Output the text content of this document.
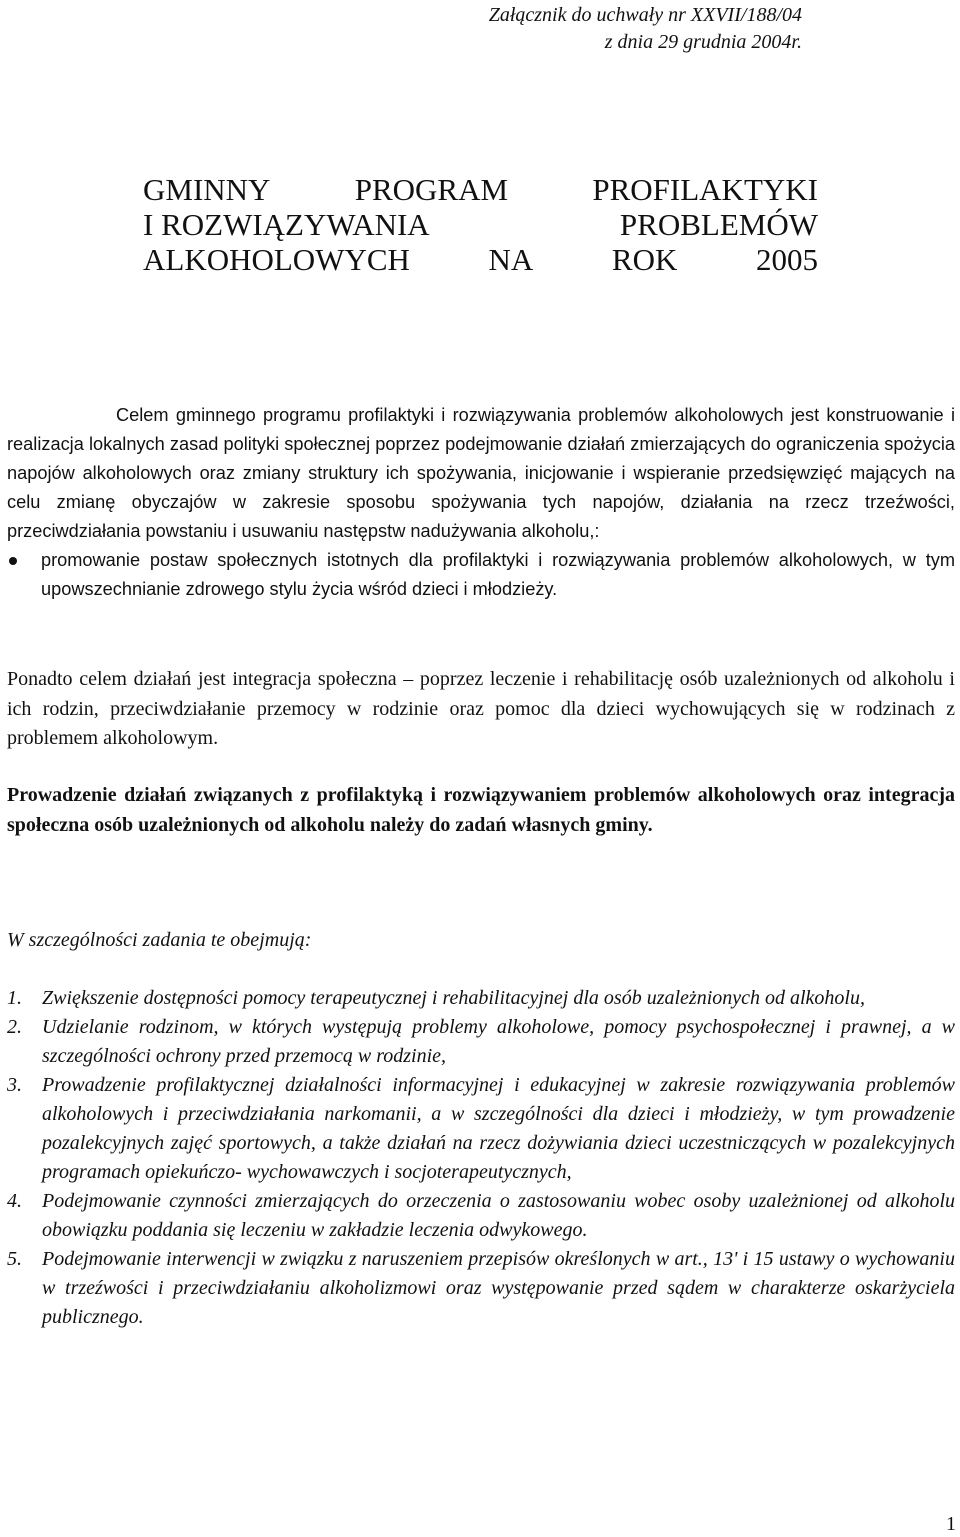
Załącznik do uchwały nr XXVII/188/04
z dnia 29 grudnia 2004r.
GMINNY	PROGRAM	PROFILAKTYKI
I ROZWIĄZYWANIA	PROBLEMÓW
ALKOHOLOWYCH	NA	ROK	2005

Celem gminnego programu profilaktyki i rozwiązywania problemów alkoholowych jest konstruowanie i realizacja lokalnych zasad polityki społecznej poprzez podejmowanie działań zmierzających do ograniczenia spożycia napojów alkoholowych oraz zmiany struktury ich spożywania, inicjowanie i wspieranie przedsięwzięć mających na celu zmianę obyczajów w zakresie sposobu spożywania tych napojów, działania na rzecz trzeźwości, przeciwdziałania powstaniu i usuwaniu następstw nadużywania alkoholu,:

promowanie postaw społecznych istotnych dla profilaktyki i rozwiązywania problemów alkoholowych, w tym upowszechnianie zdrowego stylu życia wśród dzieci i młodzieży.

Ponadto celem działań jest integracja społeczna – poprzez leczenie i rehabilitację osób uzależnionych od alkoholu i ich rodzin, przeciwdziałanie przemocy w rodzinie oraz pomoc dla dzieci wychowujących się w rodzinach z problemem alkoholowym.

Prowadzenie działań związanych z profilaktyką i rozwiązywaniem problemów alkoholowych oraz integracja społeczna osób uzależnionych od alkoholu należy do zadań własnych gminy.

W szczególności zadania te obejmują:
1.	Zwiększenie dostępności pomocy terapeutycznej i rehabilitacyjnej dla osób uzależnionych od alkoholu,
2.	Udzielanie rodzinom, w których występują problemy alkoholowe, pomocy psychospołecznej i prawnej, a w szczególności ochrony przed przemocą w rodzinie,
3.	Prowadzenie profilaktycznej działalności informacyjnej i edukacyjnej w zakresie rozwiązywania problemów alkoholowych i przeciwdziałania narkomanii, a w szczególności dla dzieci i młodzieży, w tym prowadzenie pozalekcyjnych zajęć sportowych, a także działań na rzecz dożywiania dzieci uczestniczących w pozalekcyjnych programach opiekuńczo- wychowawczych i socjoterapeutycznych,
4.	Podejmowanie czynności zmierzających do orzeczenia o zastosowaniu wobec osoby uzależnionej od alkoholu obowiązku poddania się leczeniu w zakładzie leczenia odwykowego.
5.	Podejmowanie interwencji w związku z naruszeniem przepisów określonych w art., 13' i 15 ustawy o wychowaniu w trzeźwości i przeciwdziałaniu alkoholizmowi oraz występowanie przed sądem w charakterze oskarżyciela publicznego.
1
